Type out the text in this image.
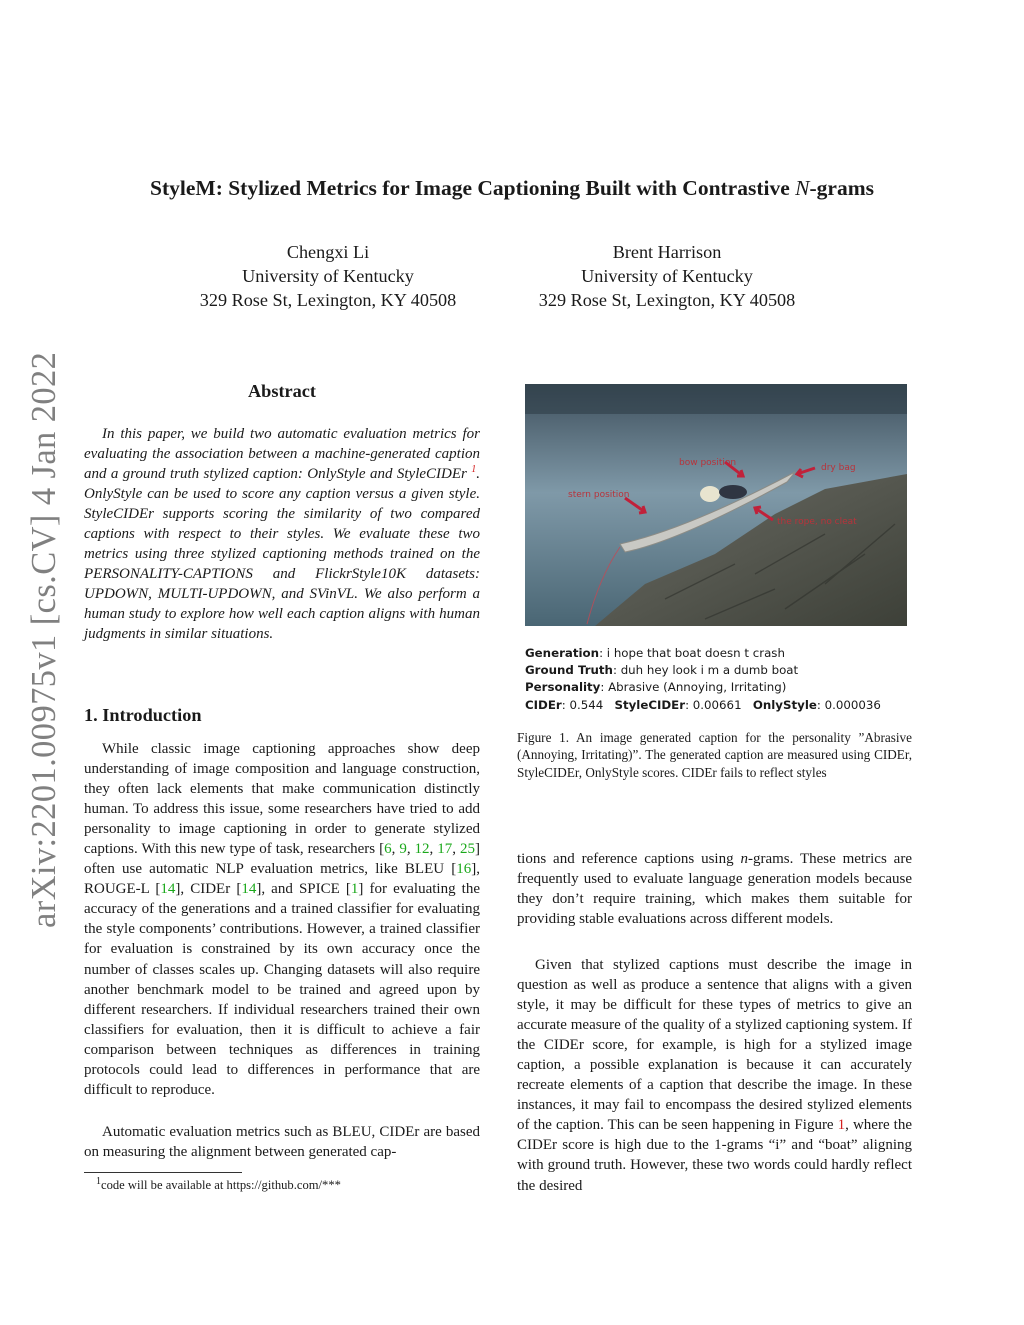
StyleM: Stylized Metrics for Image Captioning Built with Contrastive N-grams
Chengxi Li
University of Kentucky
329 Rose St, Lexington, KY 40508
Brent Harrison
University of Kentucky
329 Rose St, Lexington, KY 40508
arXiv:2201.00975v1 [cs.CV] 4 Jan 2022	Abstract
In this paper, we build two automatic evaluation metrics for evaluating the association between a machine-generated caption and a ground truth stylized caption: OnlyStyle and StyleCIDEr $^1$. OnlyStyle can be used to score any caption versus a given style. StyleCIDEr supports scoring the similarity of two compared captions with respect to their styles. We evaluate these two metrics using three stylized captioning methods trained on the PERSONALITY-CAPTIONS and FlickrStyle10K datasets: UPDOWN, MULTI-UPDOWN, and SVinVL. We also perform a human study to explore how well each caption aligns with human judgments in similar situations.
1. Introduction

While classic image captioning approaches show deep understanding of image composition and language construction, they often lack elements that make communication distinctly human. To address this issue, some researchers have tried to add personality to image captioning in order to generate stylized captions. With this new type of task, researchers [6, 9, 12, 17, 25] often use automatic NLP evaluation metrics, like BLEU [16], ROUGE-L [14], CIDEr [14], and SPICE [1] for evaluating the accuracy of the generations and a trained classifier for evaluating the style components’ contributions. However, a trained classifier for evaluation is constrained by its own accuracy once the number of classes scales up. Changing datasets will also require another benchmark model to be trained and agreed upon by different researchers. If individual researchers trained their own classifiers for evaluation, then it is difficult to achieve a fair comparison between techniques as differences in training protocols could lead to differences in performance that are difficult to reproduce.

Automatic evaluation metrics such as BLEU, CIDEr are based on measuring the alignment between generated cap-

$^1$code will be available at https://github.com/***
bow position	dry bag
stern position
the rope, no cleat
Generation: i hope that boat doesn t crash
Ground Truth: duh hey look i m a dumb boat
Personality: Abrasive (Annoying, Irritating)
CIDEr: 0.544 StyleCIDEr: 0.00661 OnlyStyle: 0.000036
Figure 1. An image generated caption for the personality ”Abrasive (Annoying, Irritating)”. The generated caption are measured using CIDEr, StyleCIDEr, OnlyStyle scores. CIDEr fails to reflect styles

tions and reference captions using n-grams. These metrics are frequently used to evaluate language generation models because they don’t require training, which makes them suitable for providing stable evaluations across different models.

Given that stylized captions must describe the image in question as well as produce a sentence that aligns with a given style, it may be difficult for these types of metrics to give an accurate measure of the quality of a stylized captioning system. If the CIDEr score, for example, is high for a stylized image caption, a possible explanation is because it can accurately recreate elements of a caption that describe the image. In these instances, it may fail to encompass the desired stylized elements of the caption. This can be seen happening in Figure 1, where the CIDEr score is high due to the 1-grams “i” and “boat” aligning with ground truth. However, these two words could hardly reflect the desired
